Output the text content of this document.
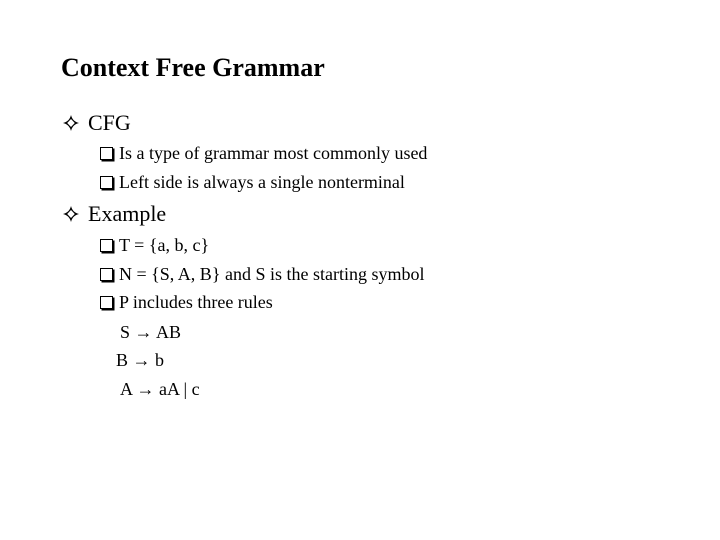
Context Free Grammar
CFG
Is a type of grammar most commonly used
Left side is always a single nonterminal
Example
T = {a, b, c}
N = {S, A, B} and S is the starting symbol
P includes three rules
S → AB
B → b
A → aA | c
